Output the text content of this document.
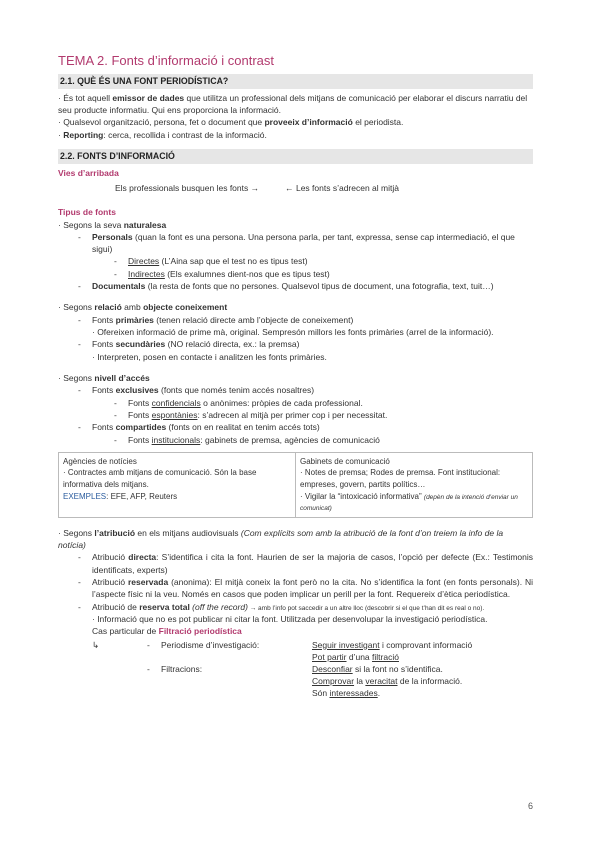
TEMA 2. Fonts d’informació i contrast
2.1. QUÈ ÉS UNA FONT PERIODÍSTICA?

· És tot aquell emissor de dades que utilitza un professional dels mitjans de comunicació per elaborar el discurs narratiu del seu producte informatiu. Qui ens proporciona la informació.

· Qualsevol organització, persona, fet o document que proveeix d’informació el periodista.

· Reporting: cerca, recollida i contrast de la informació.

2.2. FONTS D’INFORMACIÓ
Vies d’arribada
Els professionals busquen les fonts →	← Les fonts s’adrecen al mitjà
Tipus de fonts

· Segons la seva naturalesa

- Personals (quan la font es una persona. Una persona parla, per tant, expressa, sense cap intermediació, el que sigui)
- Directes (L’Aina sap que el test no es tipus test)
- Indirectes (Els exalumnes dient-nos que es tipus test)
- Documentals (la resta de fonts que no persones. Qualsevol tipus de document, una fotografia, text, tuit…)

· Segons relació amb objecte coneixement

- Fonts primàries (tenen relació directe amb l’objecte de coneixement)
· Ofereixen informació de prime mà, original. Sempresón millors les fonts primàries (arrel de la informació).
- Fonts secundàries (NO relació directa, ex.: la premsa)
· Interpreten, posen en contacte i analitzen les fonts primàries.

· Segons nivell d’accés

- Fonts exclusives (fonts que només tenim accés nosaltres)
- Fonts confidencials o anònimes: pròpies de cada professional.
- Fonts espontànies: s’adrecen al mitjà per primer cop i per necessitat.
- Fonts compartides (fonts on en realitat en tenim accés tots)
- Fonts institucionals: gabinets de premsa, agències de comunicació
Agències de notícies
· Contractes amb mitjans de comunicació. Són la base informativa dels mitjans.
EXEMPLES: EFE, AFP, Reuters

Gabinets de comunicació
· Notes de premsa; Rodes de premsa. Font institucional: empreses, govern, partits polítics…
· Vigilar la “intoxicació informativa” (depèn de la intenció d’enviar un comunicat)

· Segons l’atribució en els mitjans audiovisuals (Com explícits som amb la atribució de la font d’on treiem la info de la notícia)

- Atribució directa: S’identifica i cita la font. Haurien de ser la majoria de casos, l’opció per defecte (Ex.: Testimonis identificats, experts)
- Atribució reservada (anonima): El mitjà coneix la font però no la cita. No s’identifica la font (en fonts personals). Ni l’aspecte físic ni la veu. Només en casos que poden implicar un perill per la font. Requereix d’ètica periodística.
- Atribució de reserva total (off the record) → amb l’info pot saccedir a un altre lloc (descobrir si el que t’han dit es real o no).
· Informació que no es pot publicar ni citar la font. Utilitzada per desenvolupar la investigació periodística.
Cas particular de Filtració periodística
↳	- Periodisme d’investigació:	Seguir investigant i comprovant informació
Pot partir d’una filtració
- Filtracions:	Desconfiar si la font no s’identifica.
Comprovar la veracitat de la informació.
Són interessades.
6
